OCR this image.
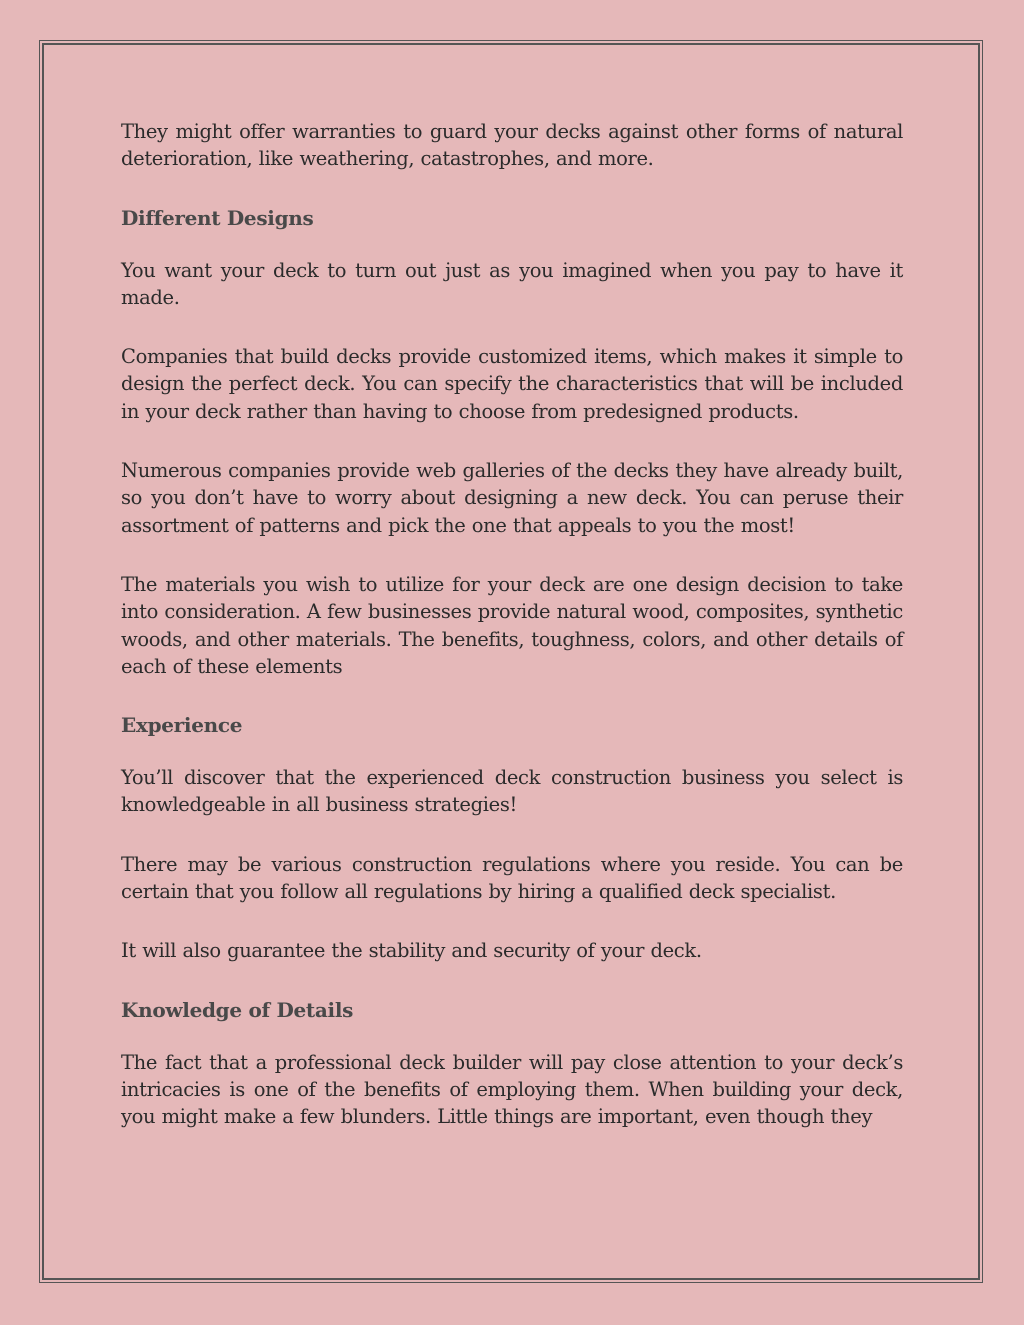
They might offer warranties to guard your decks against other forms of natural deterioration, like weathering, catastrophes, and more.

Different Designs

You want your deck to turn out just as you imagined when you pay to have it made.

Companies that build decks provide customized items, which makes it simple to design the perfect deck. You can specify the characteristics that will be included in your deck rather than having to choose from predesigned products.

Numerous companies provide web galleries of the decks they have already built, so you don’t have to worry about designing a new deck. You can peruse their assortment of patterns and pick the one that appeals to you the most!

The materials you wish to utilize for your deck are one design decision to take into consideration. A few businesses provide natural wood, composites, synthetic woods, and other materials. The benefits, toughness, colors, and other details of each of these elements

Experience

You’ll discover that the experienced deck construction business you select is knowledgeable in all business strategies!

There may be various construction regulations where you reside. You can be certain that you follow all regulations by hiring a qualified deck specialist.

It will also guarantee the stability and security of your deck.

Knowledge of Details

The fact that a professional deck builder will pay close attention to your deck’s intricacies is one of the benefits of employing them. When building your deck, you might make a few blunders. Little things are important, even though they
